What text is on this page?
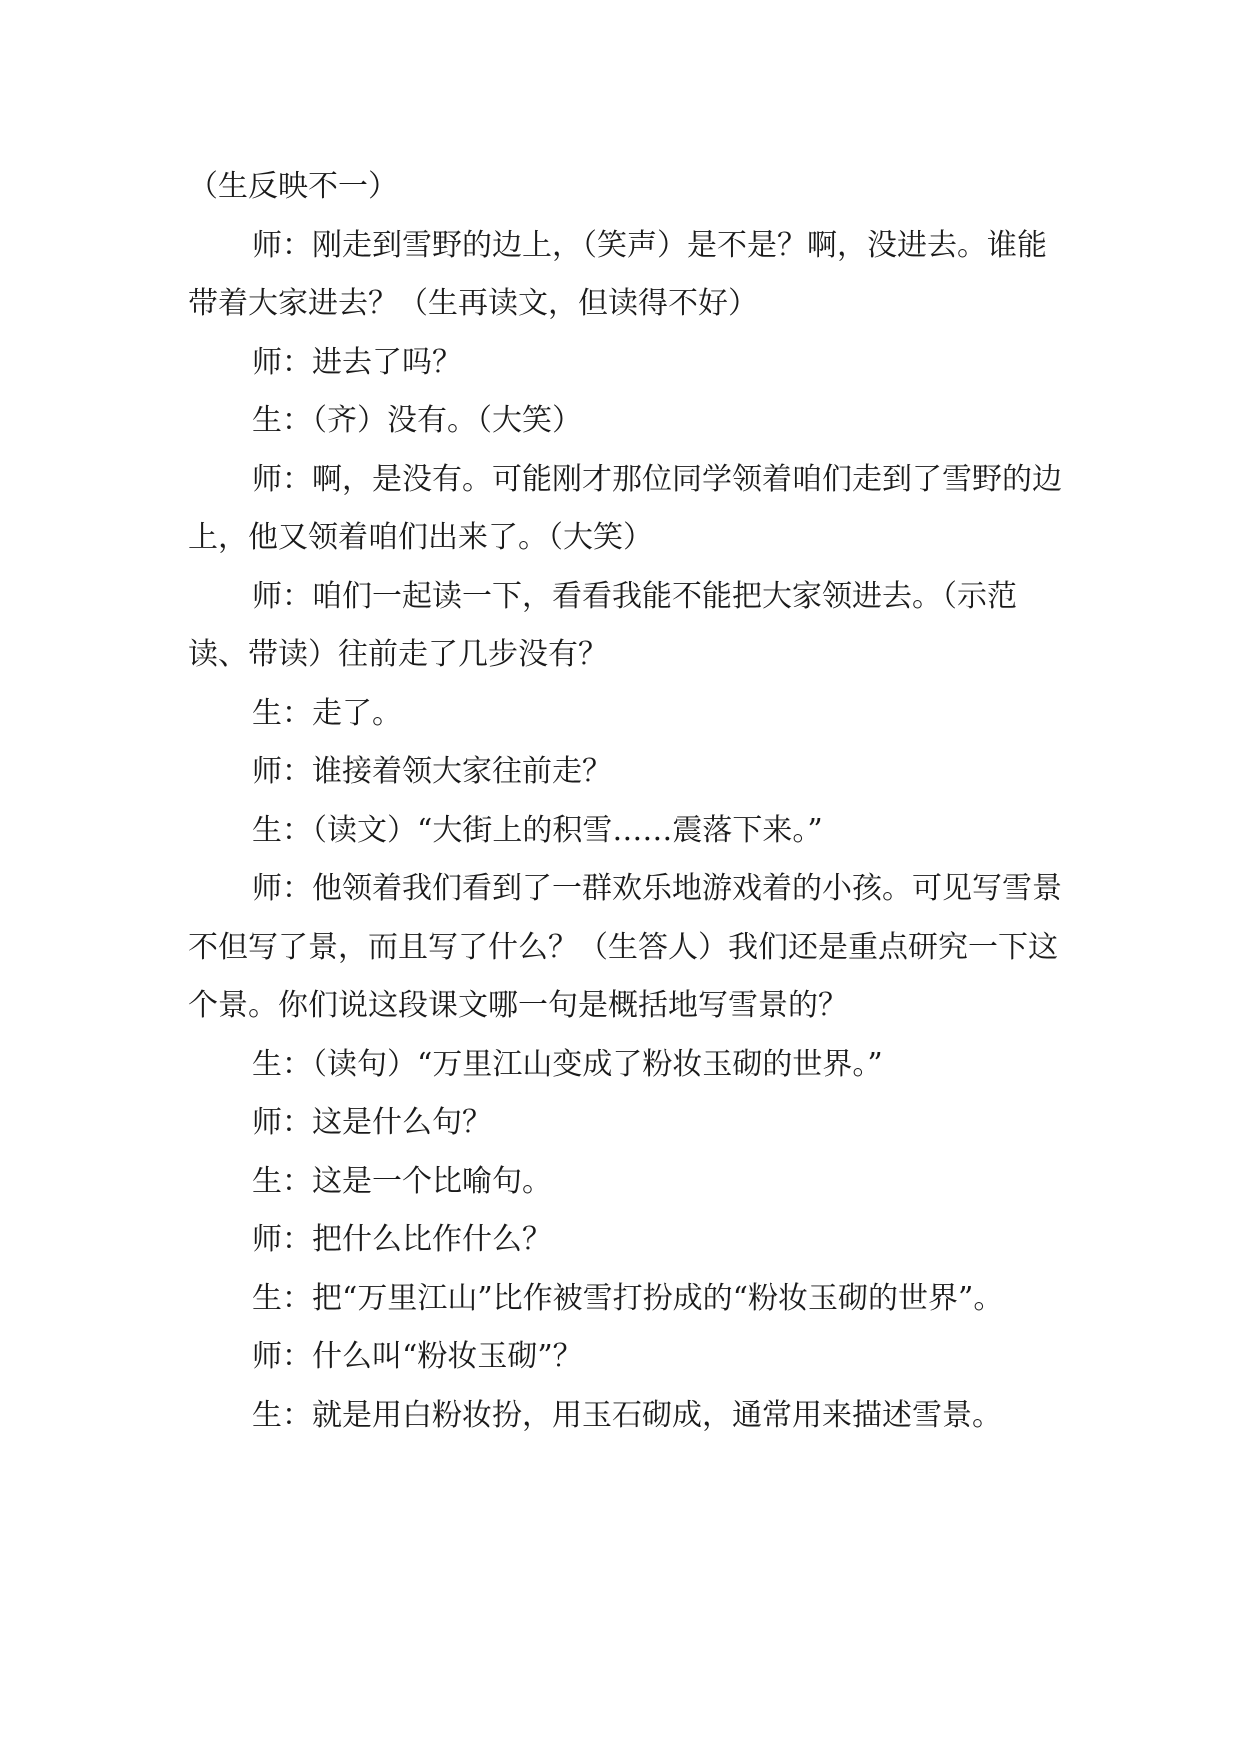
（生反映不一）

师：刚走到雪野的边上，（笑声）是不是？啊，没进去。谁能带着大家进去？（生再读文，但读得不好）

师：进去了吗？

生：（齐）没有。（大笑）

师：啊，是没有。可能刚才那位同学领着咱们走到了雪野的边上，他又领着咱们出来了。（大笑）

师：咱们一起读一下，看看我能不能把大家领进去。（示范读、带读）往前走了几步没有？

生：走了。

师：谁接着领大家往前走？

生：（读文）“大街上的积雪……震落下来。”

师：他领着我们看到了一群欢乐地游戏着的小孩。可见写雪景不但写了景，而且写了什么？（生答人）我们还是重点研究一下这个景。你们说这段课文哪一句是概括地写雪景的？

生：（读句）“万里江山变成了粉妆玉砌的世界。”

师：这是什么句？

生：这是一个比喻句。

师：把什么比作什么？

生：把“万里江山”比作被雪打扮成的“粉妆玉砌的世界”。

师：什么叫“粉妆玉砌”？

生：就是用白粉妆扮，用玉石砌成，通常用来描述雪景。
